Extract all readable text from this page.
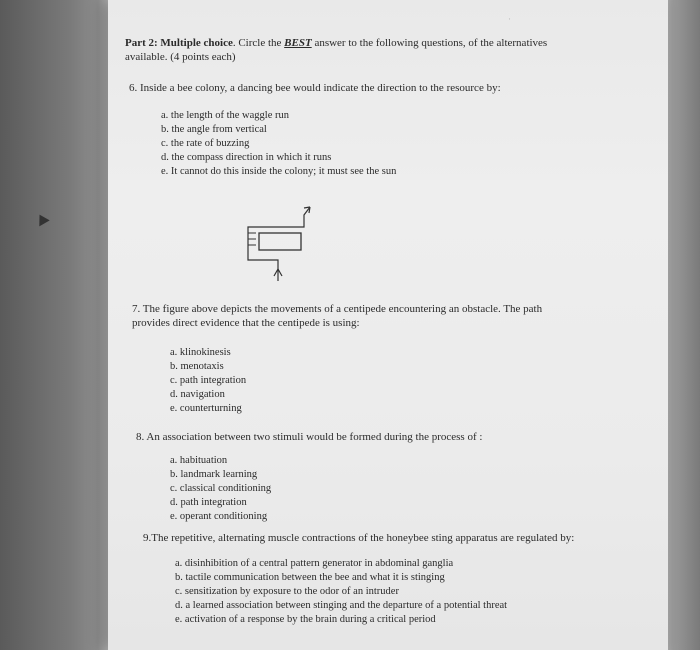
Part 2: Multiple choice. Circle the BEST answer to the following questions, of the alternatives
available. (4 points each)
6. Inside a bee colony, a dancing bee would indicate the direction to the resource by:
a. the length of the waggle run
b. the angle from vertical
c. the rate of buzzing
d. the compass direction in which it runs
e. It cannot do this inside the colony; it must see the sun
7. The figure above depicts the movements of a centipede encountering an obstacle. The path
provides direct evidence that the centipede is using:
a. klinokinesis
b. menotaxis
c. path integration
d. navigation
e. counterturning
8. An association between two stimuli would be formed during the process of :
a. habituation
b. landmark learning
c. classical conditioning
d. path integration
e. operant conditioning
9.The repetitive, alternating muscle contractions of the honeybee sting apparatus are regulated by:
a. disinhibition of a central pattern generator in abdominal ganglia
b. tactile communication between the bee and what it is stinging
c. sensitization by exposure to the odor of an intruder
d. a learned association between stinging and the departure of a potential threat
e. activation of a response by the brain during a critical period
·
